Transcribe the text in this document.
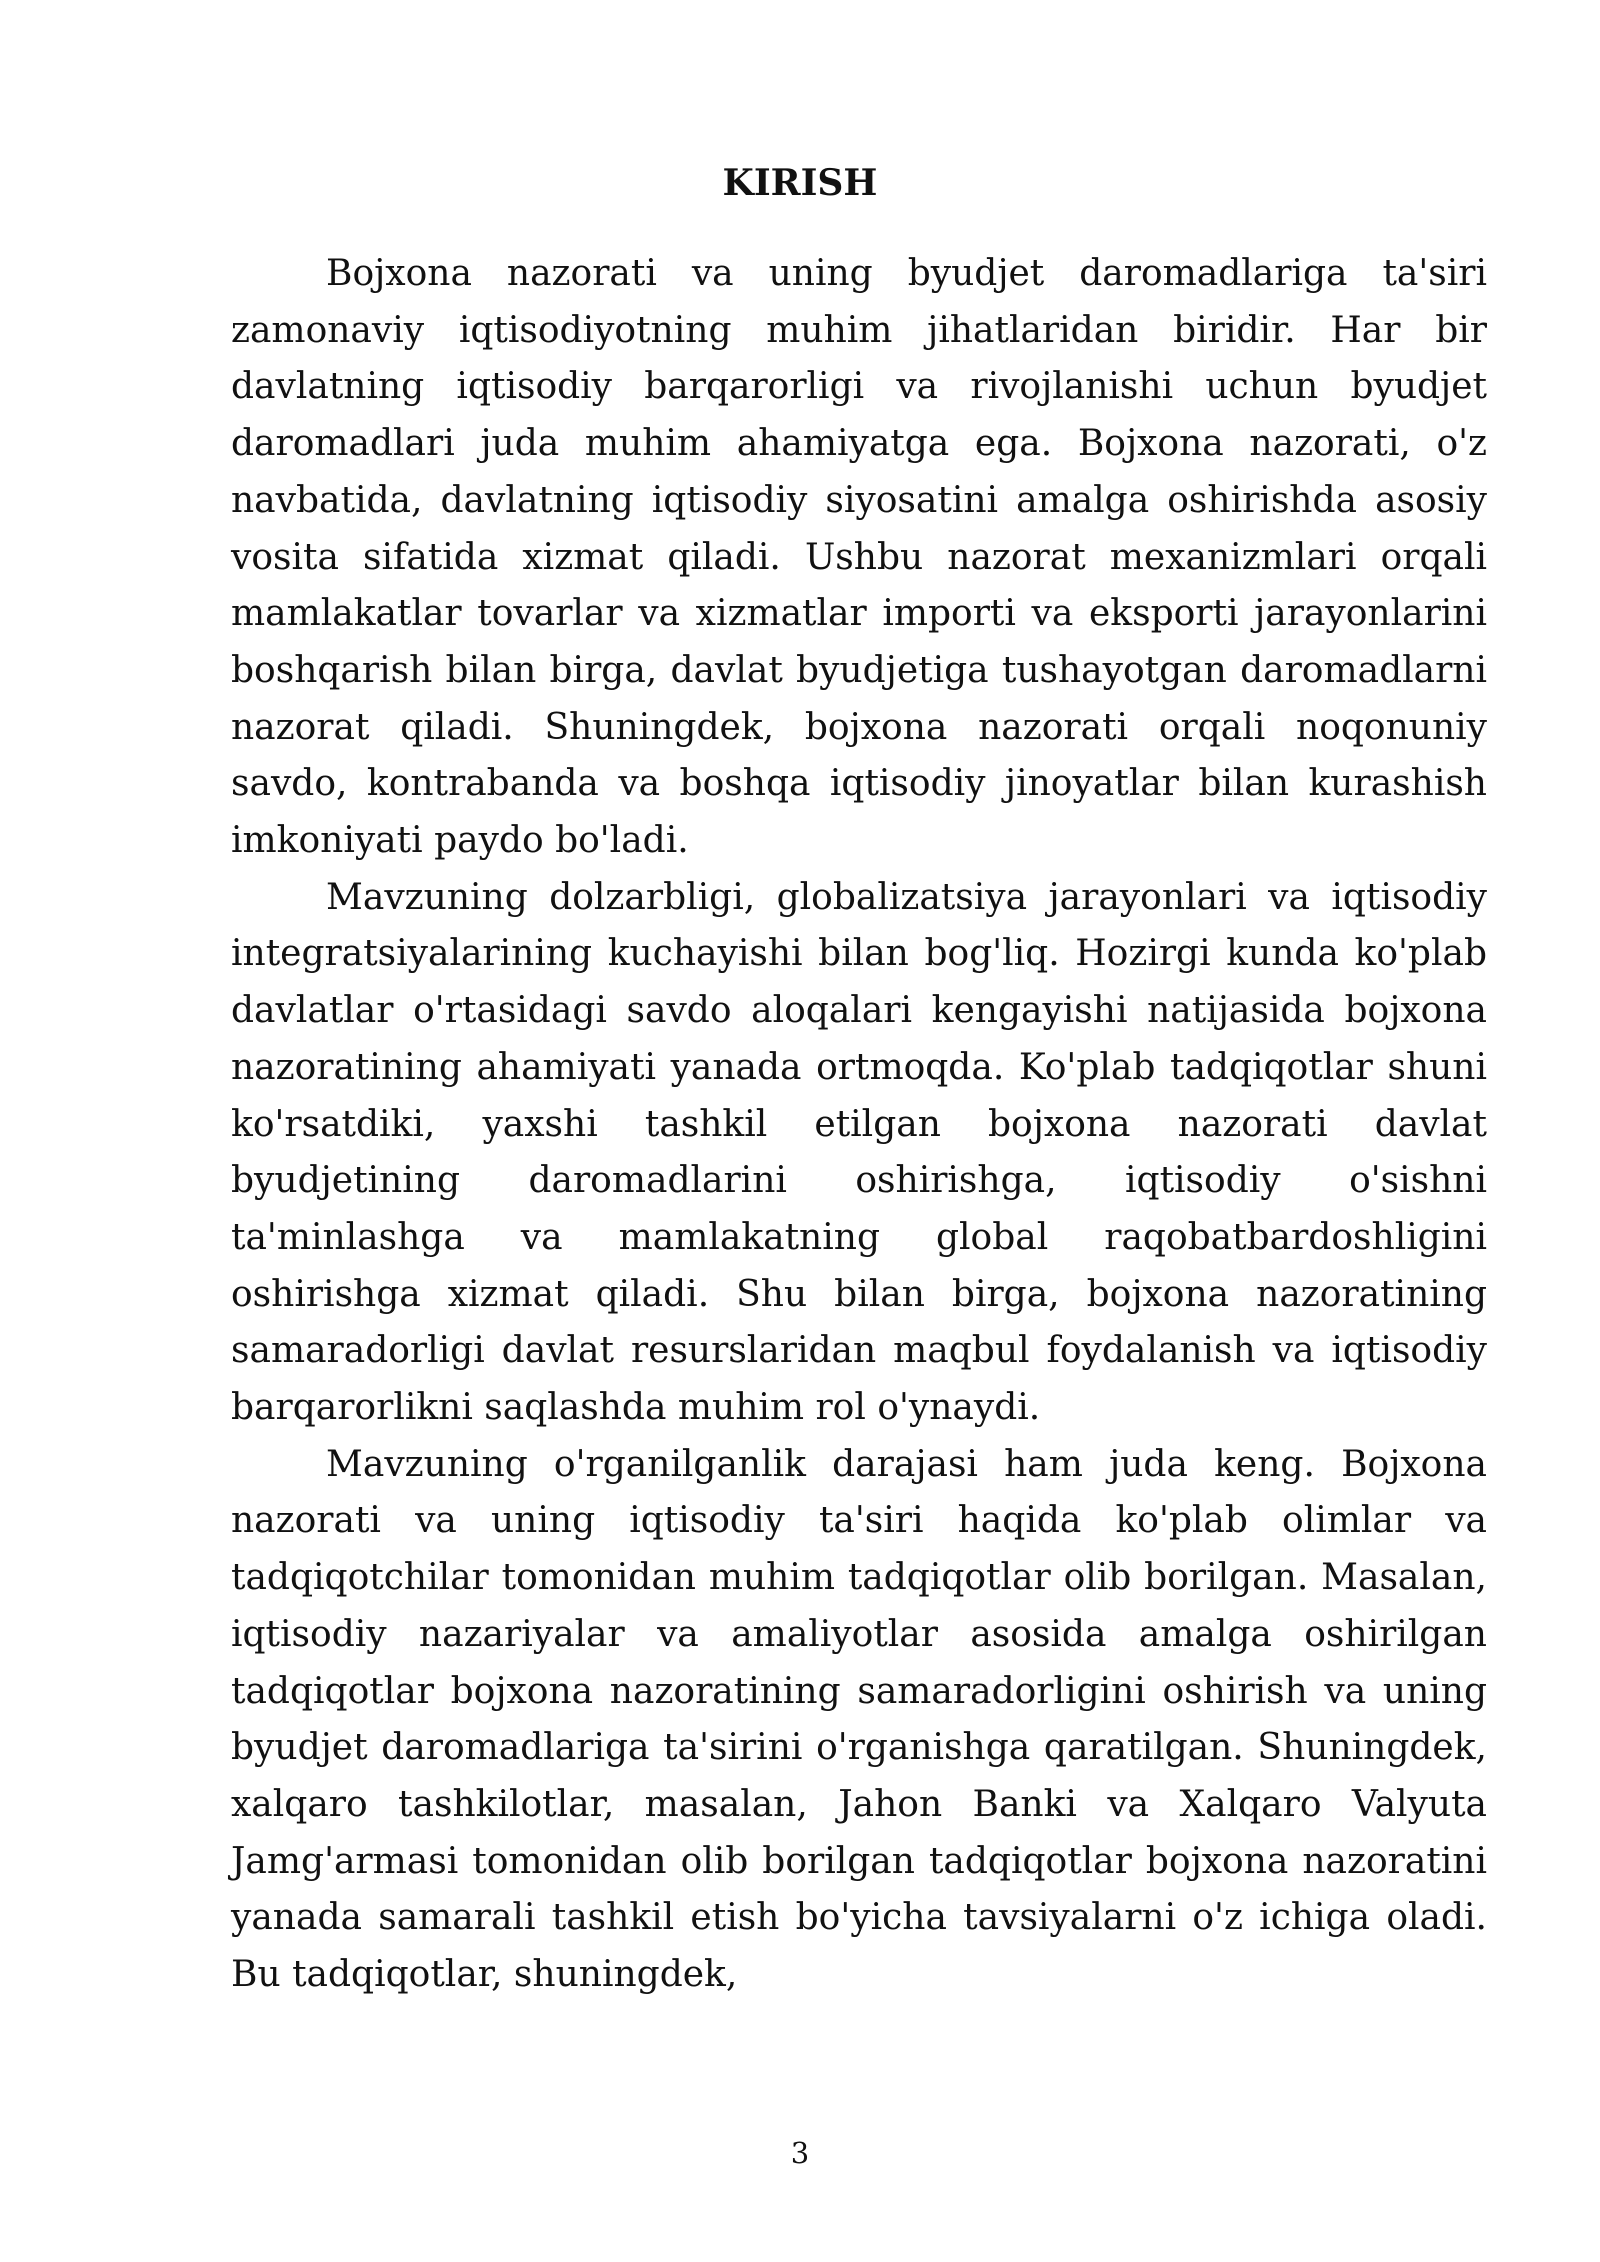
KIRISH

Bojxona nazorati va uning byudjet daromadlariga ta'siri zamonaviy iqtisodiyotning muhim jihatlaridan biridir. Har bir davlatning iqtisodiy barqarorligi va rivojlanishi uchun byudjet daromadlari juda muhim ahamiyatga ega. Bojxona nazorati, o'z navbatida, davlatning iqtisodiy siyosatini amalga oshirishda asosiy vosita sifatida xizmat qiladi. Ushbu nazorat mexanizmlari orqali mamlakatlar tovarlar va xizmatlar importi va eksporti jarayonlarini boshqarish bilan birga, davlat byudjetiga tushayotgan daromadlarni nazorat qiladi. Shuningdek, bojxona nazorati orqali noqonuniy savdo, kontrabanda va boshqa iqtisodiy jinoyatlar bilan kurashish imkoniyati paydo bo'ladi.

Mavzuning dolzarbligi, globalizatsiya jarayonlari va iqtisodiy integratsiyalarining kuchayishi bilan bog'liq. Hozirgi kunda ko'plab davlatlar o'rtasidagi savdo aloqalari kengayishi natijasida bojxona nazoratining ahamiyati yanada ortmoqda. Ko'plab tadqiqotlar shuni ko'rsatdiki, yaxshi tashkil etilgan bojxona nazorati davlat byudjetining daromadlarini oshirishga, iqtisodiy o'sishni ta'minlashga va mamlakatning global raqobatbardoshligini oshirishga xizmat qiladi. Shu bilan birga, bojxona nazoratining samaradorligi davlat resurslaridan maqbul foydalanish va iqtisodiy barqarorlikni saqlashda muhim rol o'ynaydi.

Mavzuning o'rganilganlik darajasi ham juda keng. Bojxona nazorati va uning iqtisodiy ta'siri haqida ko'plab olimlar va tadqiqotchilar tomonidan muhim tadqiqotlar olib borilgan. Masalan, iqtisodiy nazariyalar va amaliyotlar asosida amalga oshirilgan tadqiqotlar bojxona nazoratining samaradorligini oshirish va uning byudjet daromadlariga ta'sirini o'rganishga qaratilgan. Shuningdek, xalqaro tashkilotlar, masalan, Jahon Banki va Xalqaro Valyuta Jamg'armasi tomonidan olib borilgan tadqiqotlar bojxona nazoratini yanada samarali tashkil etish bo'yicha tavsiyalarni o'z ichiga oladi. Bu tadqiqotlar, shuningdek,

3
